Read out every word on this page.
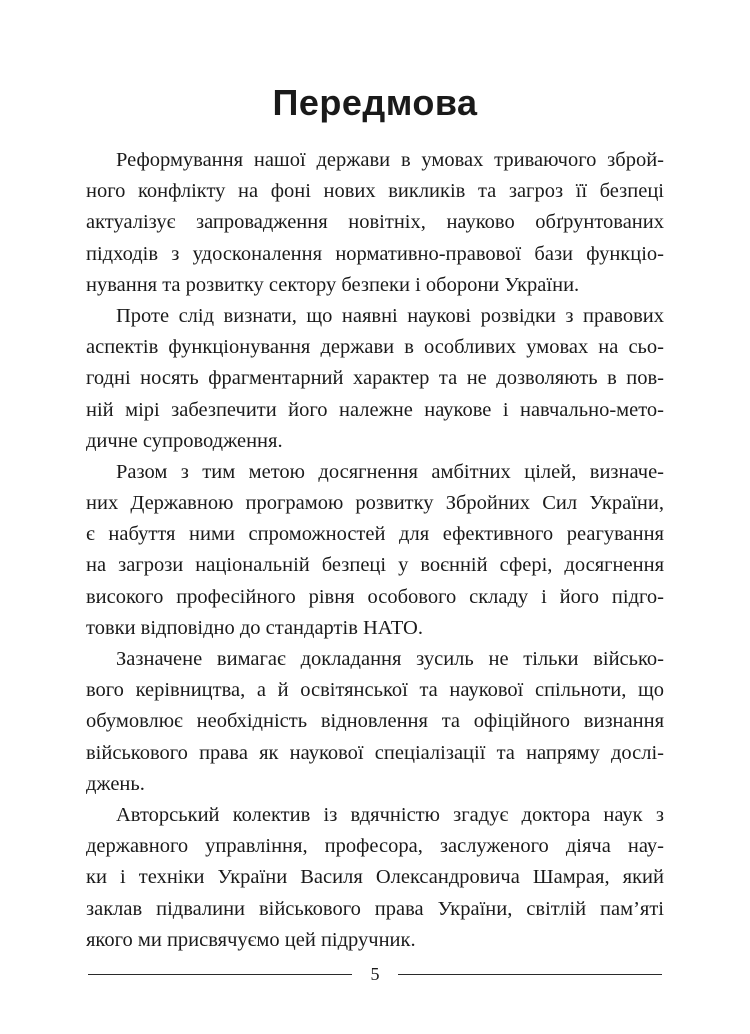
Передмова
Реформування нашої держави в умовах триваючого зброй-
ного конфлікту на фоні нових викликів та загроз її безпеці
актуалізує запровадження новітніх, науково обґрунтованих
підходів з удосконалення нормативно-правової бази функціо-
нування та розвитку сектору безпеки і оборони України.
Проте слід визнати, що наявні наукові розвідки з правових
аспектів функціонування держави в особливих умовах на сьо-
годні носять фрагментарний характер та не дозволяють в пов-
ній мірі забезпечити його належне наукове і навчально-мето-
дичне супроводження.
Разом з тим метою досягнення амбітних цілей, визначе-
них Державною програмою розвитку Збройних Сил України,
є набуття ними спроможностей для ефективного реагування
на загрози національній безпеці у воєнній сфері, досягнення
високого професійного рівня особового складу і його підго-
товки відповідно до стандартів НАТО.
Зазначене вимагає докладання зусиль не тільки військо-
вого керівництва, а й освітянської та наукової спільноти, що
обумовлює необхідність відновлення та офіційного визнання
військового права як наукової спеціалізації та напряму дослі-
джень.
Авторський колектив із вдячністю згадує доктора наук з
державного управління, професора, заслуженого діяча нау-
ки і техніки України Василя Олександровича Шамрая, який
заклав підвалини військового права України, світлій пам’яті
якого ми присвячуємо цей підручник.
5
